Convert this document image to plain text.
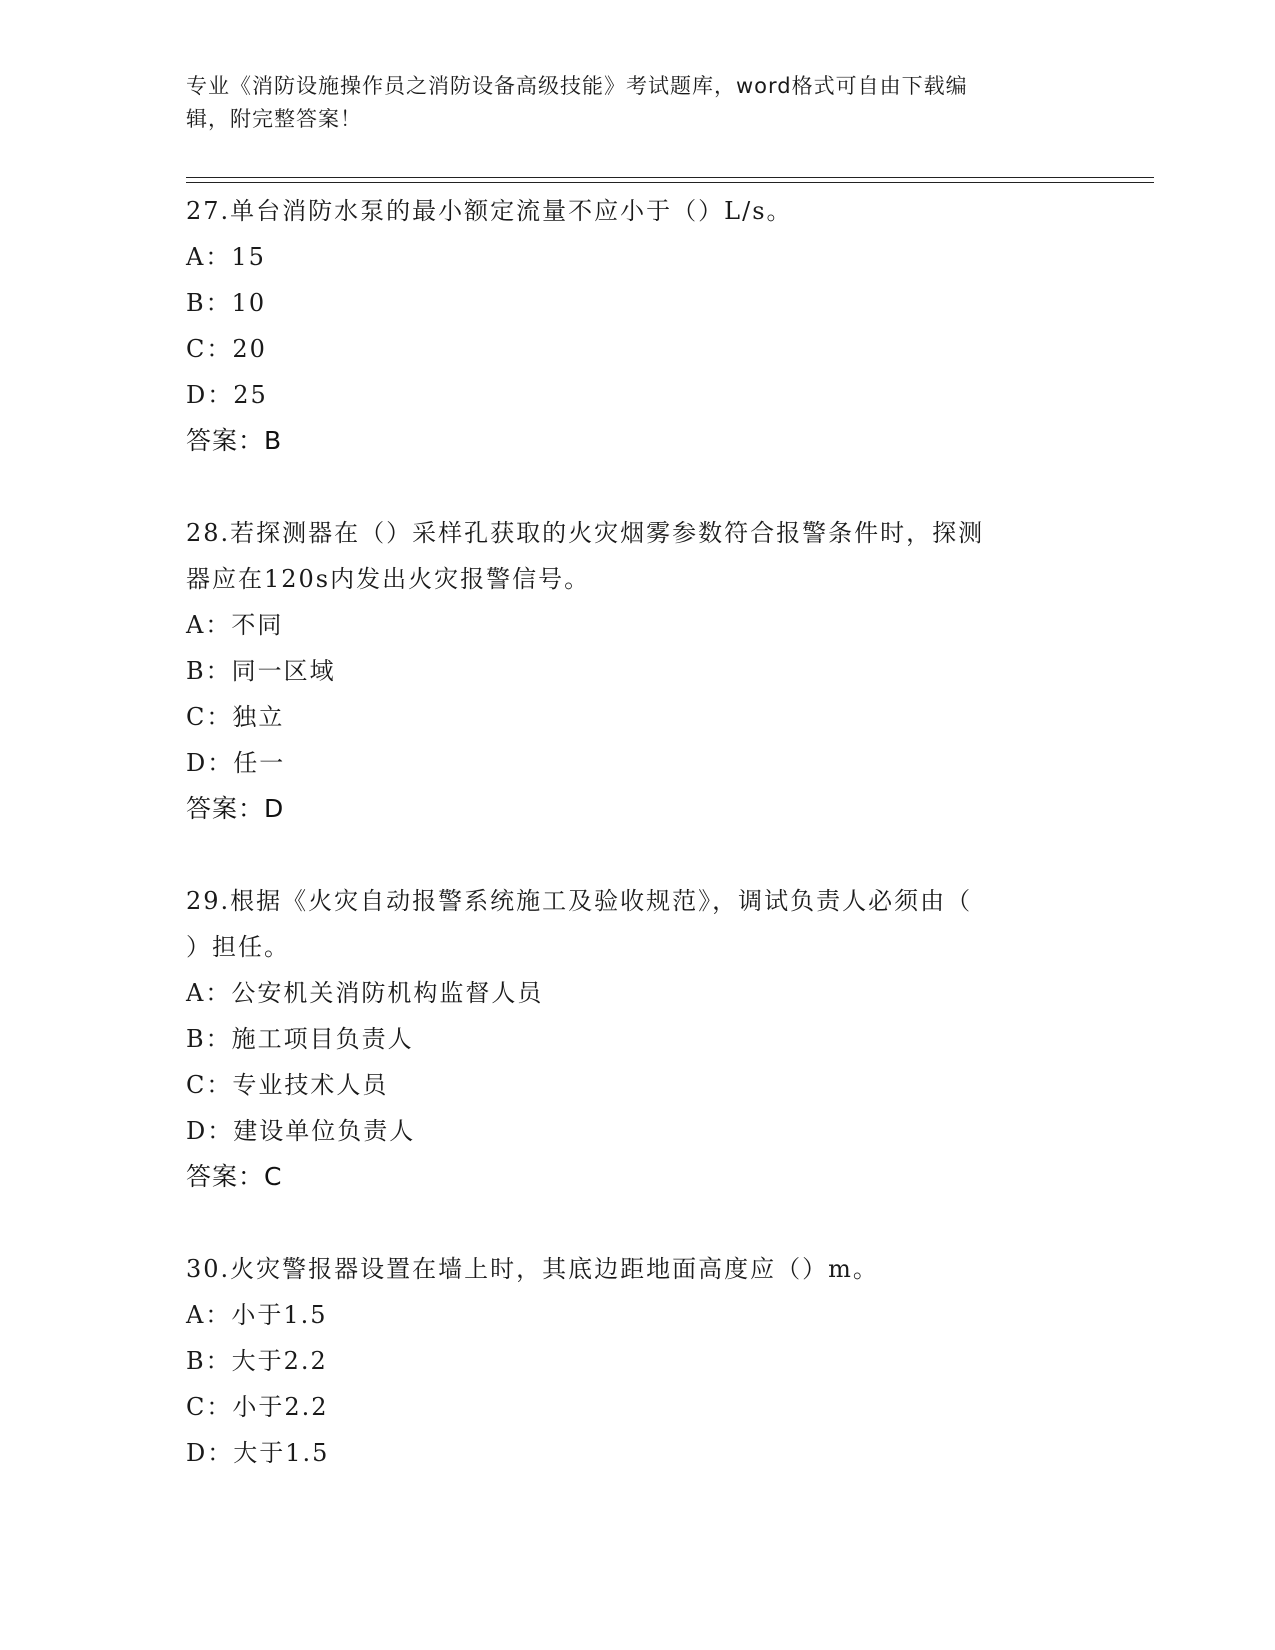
专业《消防设施操作员之消防设备高级技能》考试题库，word格式可自由下载编
辑，附完整答案！
27.单台消防水泵的最小额定流量不应小于（）L/s。
A：15
B：10
C：20
D：25
答案：B
28.若探测器在（）采样孔获取的火灾烟雾参数符合报警条件时，探测
器应在120s内发出火灾报警信号。
A：不同
B：同一区域
C：独立
D：任一
答案：D
29.根据《火灾自动报警系统施工及验收规范》，调试负责人必须由（
）担任。
A：公安机关消防机构监督人员
B：施工项目负责人
C：专业技术人员
D：建设单位负责人
答案：C
30.火灾警报器设置在墙上时，其底边距地面高度应（）m。
A：小于1.5
B：大于2.2
C：小于2.2
D：大于1.5
